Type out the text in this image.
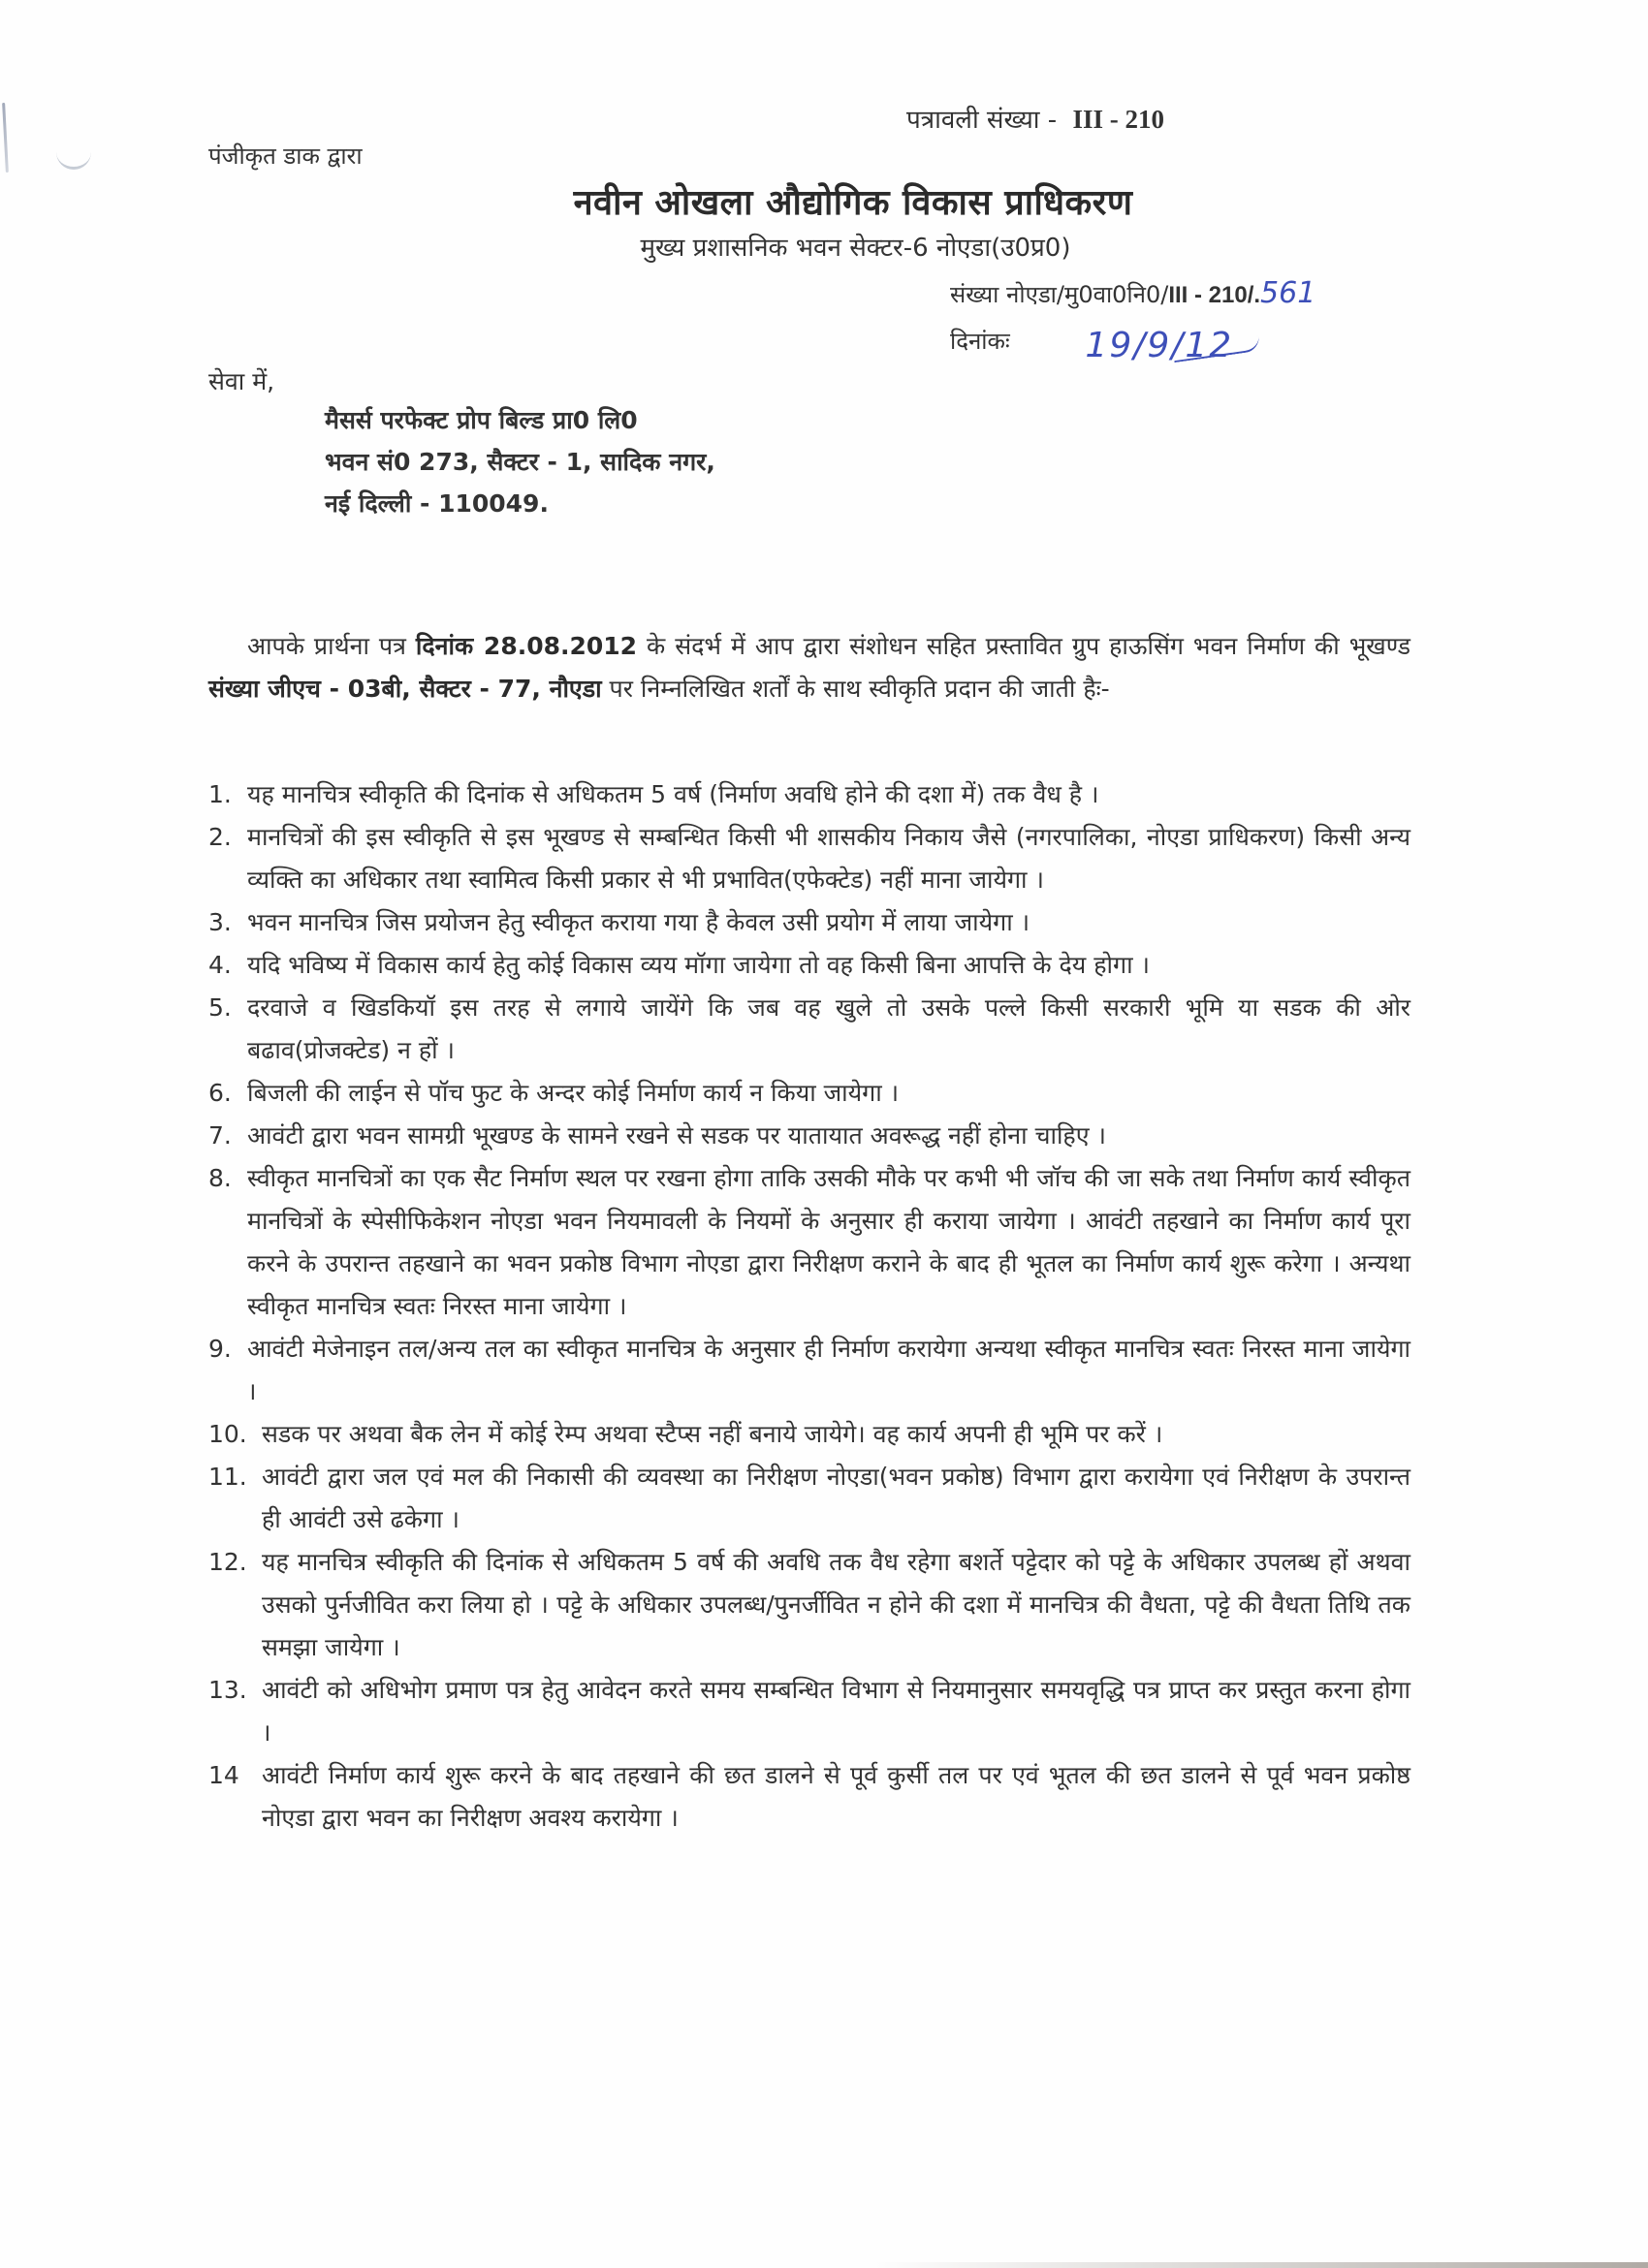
पत्रावली संख्या - III - 210
पंजीकृत डाक द्वारा
नवीन ओखला औद्योगिक विकास प्राधिकरण
मुख्य प्रशासनिक भवन सेक्टर-6 नोएडा(उ0प्र0)
संख्या नोएडा/मु0वा0नि0/III - 210/.561
दिनांकः 19/9/12
सेवा में,
मैसर्स परफेक्ट प्रोप बिल्ड प्रा0 लि0
भवन सं0 273, सैक्टर - 1, सादिक नगर,
नई दिल्ली - 110049.

आपके प्रार्थना पत्र दिनांक 28.08.2012 के संदर्भ में आप द्वारा संशोधन सहित प्रस्तावित ग्रुप हाऊसिंग भवन निर्माण की भूखण्ड संख्या जीएच - 03बी, सैक्टर - 77, नौएडा पर निम्नलिखित शर्तों के साथ स्वीकृति प्रदान की जाती हैः-

1. यह मानचित्र स्वीकृति की दिनांक से अधिकतम 5 वर्ष (निर्माण अवधि होने की दशा में) तक वैध है ।
2. मानचित्रों की इस स्वीकृति से इस भूखण्ड से सम्बन्धित किसी भी शासकीय निकाय जैसे (नगरपालिका, नोएडा प्राधिकरण) किसी अन्य व्यक्ति का अधिकार तथा स्वामित्व किसी प्रकार से भी प्रभावित(एफेक्टेड) नहीं माना जायेगा ।
3. भवन मानचित्र जिस प्रयोजन हेतु स्वीकृत कराया गया है केवल उसी प्रयोग में लाया जायेगा ।
4. यदि भविष्य में विकास कार्य हेतु कोई विकास व्यय मॉगा जायेगा तो वह किसी बिना आपत्ति के देय होगा ।
5. दरवाजे व खिडकियॉ इस तरह से लगाये जायेंगे कि जब वह खुले तो उसके पल्ले किसी सरकारी भूमि या सडक की ओर बढाव(प्रोजक्टेड) न हों ।
6. बिजली की लाईन से पॉच फुट के अन्दर कोई निर्माण कार्य न किया जायेगा ।
7. आवंटी द्वारा भवन सामग्री भूखण्ड के सामने रखने से सडक पर यातायात अवरूद्ध नहीं होना चाहिए ।
8. स्वीकृत मानचित्रों का एक सैट निर्माण स्थल पर रखना होगा ताकि उसकी मौके पर कभी भी जॉच की जा सके तथा निर्माण कार्य स्वीकृत मानचित्रों के स्पेसीफिकेशन नोएडा भवन नियमावली के नियमों के अनुसार ही कराया जायेगा । आवंटी तहखाने का निर्माण कार्य पूरा करने के उपरान्त तहखाने का भवन प्रकोष्ठ विभाग नोएडा द्वारा निरीक्षण कराने के बाद ही भूतल का निर्माण कार्य शुरू करेगा । अन्यथा स्वीकृत मानचित्र स्वतः निरस्त माना जायेगा ।
9. आवंटी मेजेनाइन तल/अन्य तल का स्वीकृत मानचित्र के अनुसार ही निर्माण करायेगा अन्यथा स्वीकृत मानचित्र स्वतः निरस्त माना जायेगा ।
10. सडक पर अथवा बैक लेन में कोई रेम्प अथवा स्टैप्स नहीं बनाये जायेगे। वह कार्य अपनी ही भूमि पर करें ।
11. आवंटी द्वारा जल एवं मल की निकासी की व्यवस्था का निरीक्षण नोएडा(भवन प्रकोष्ठ) विभाग द्वारा करायेगा एवं निरीक्षण के उपरान्त ही आवंटी उसे ढकेगा ।
12. यह मानचित्र स्वीकृति की दिनांक से अधिकतम 5 वर्ष की अवधि तक वैध रहेगा बशर्ते पट्टेदार को पट्टे के अधिकार उपलब्ध हों अथवा उसको पुर्नजीवित करा लिया हो । पट्टे के अधिकार उपलब्ध/पुनर्जीवित न होने की दशा में मानचित्र की वैधता, पट्टे की वैधता तिथि तक समझा जायेगा ।
13. आवंटी को अधिभोग प्रमाण पत्र हेतु आवेदन करते समय सम्बन्धित विभाग से नियमानुसार समयवृद्धि पत्र प्राप्त कर प्रस्तुत करना होगा ।
14 आवंटी निर्माण कार्य शुरू करने के बाद तहखाने की छत डालने से पूर्व कुर्सी तल पर एवं भूतल की छत डालने से पूर्व भवन प्रकोष्ठ नोएडा द्वारा भवन का निरीक्षण अवश्य करायेगा ।
